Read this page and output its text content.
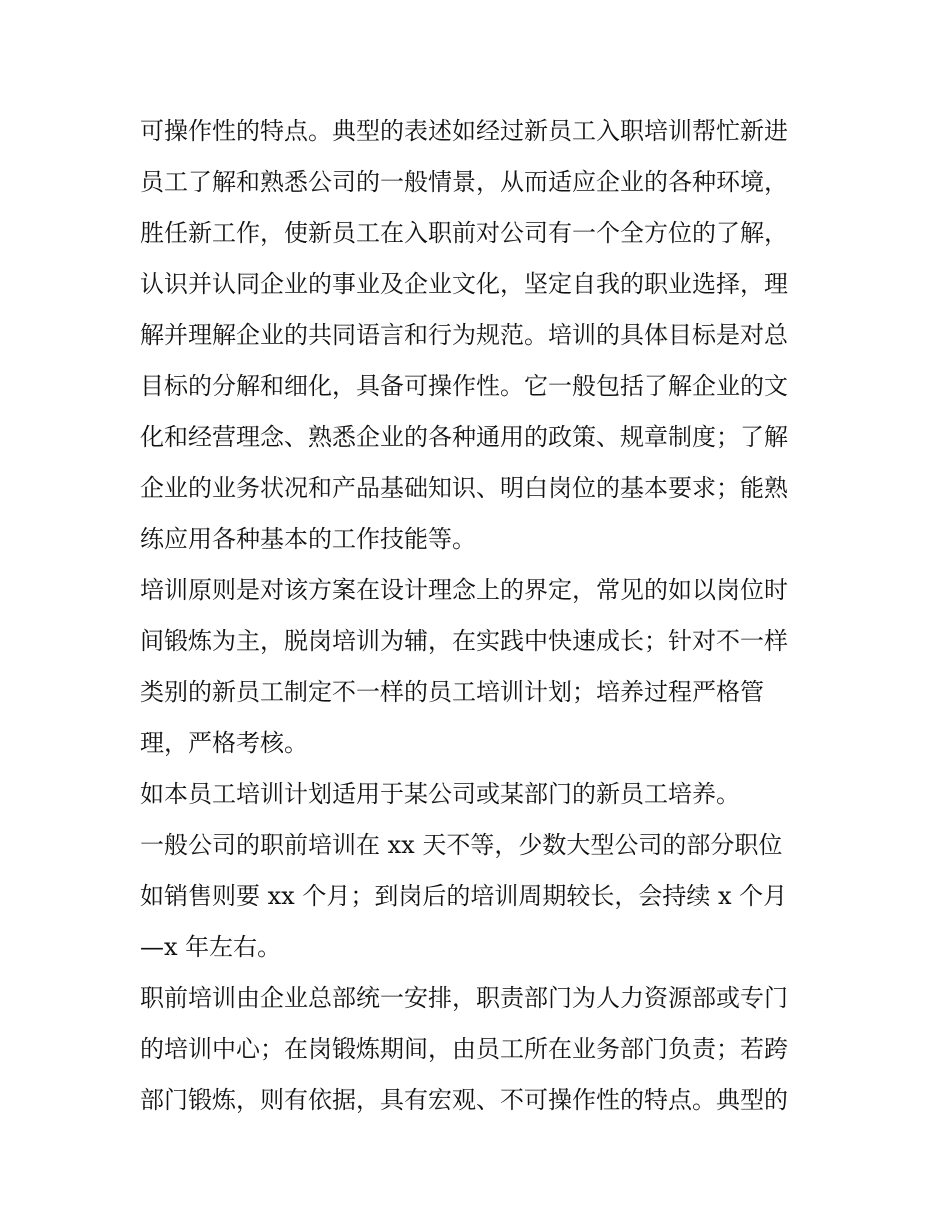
可操作性的特点。典型的表述如经过新员工入职培训帮忙新进
员工了解和熟悉公司的一般情景，从而适应企业的各种环境，
胜任新工作，使新员工在入职前对公司有一个全方位的了解，
认识并认同企业的事业及企业文化，坚定自我的职业选择，理
解并理解企业的共同语言和行为规范。培训的具体目标是对总
目标的分解和细化，具备可操作性。它一般包括了解企业的文
化和经营理念、熟悉企业的各种通用的政策、规章制度；了解
企业的业务状况和产品基础知识、明白岗位的基本要求；能熟
练应用各种基本的工作技能等。
培训原则是对该方案在设计理念上的界定，常见的如以岗位时
间锻炼为主，脱岗培训为辅，在实践中快速成长；针对不一样
类别的新员工制定不一样的员工培训计划；培养过程严格管
理，严格考核。
如本员工培训计划适用于某公司或某部门的新员工培养。
一般公司的职前培训在 xx 天不等，少数大型公司的部分职位
如销售则要 xx 个月；到岗后的培训周期较长，会持续 x 个月
—x 年左右。
职前培训由企业总部统一安排，职责部门为人力资源部或专门
的培训中心；在岗锻炼期间，由员工所在业务部门负责；若跨
部门锻炼，则有依据，具有宏观、不可操作性的特点。典型的
